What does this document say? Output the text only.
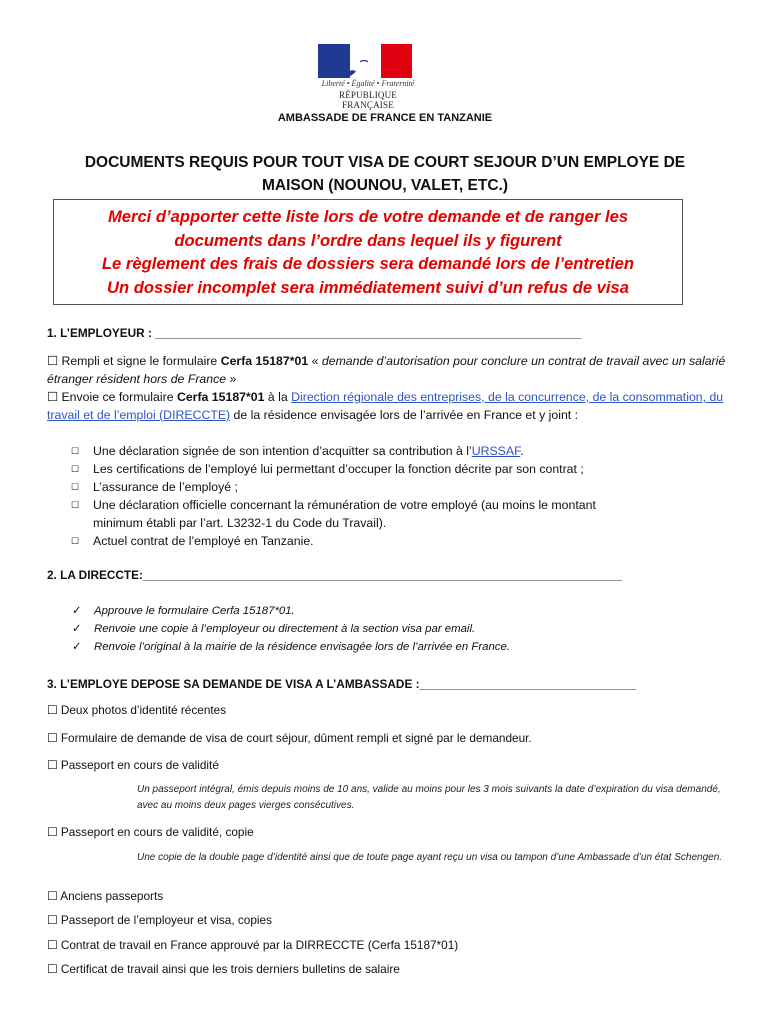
Liberté • Égalité • Fraternité
RÉPUBLIQUE FRANÇAISE
AMBASSADE DE FRANCE EN TANZANIE
DOCUMENTS REQUIS POUR TOUT VISA DE COURT SEJOUR D’UN EMPLOYE DE
MAISON (NOUNOU, VALET, ETC.)
Merci d’apporter cette liste lors de votre demande et de ranger les
documents dans l’ordre dans lequel ils y figurent
Le règlement des frais de dossiers sera demandé lors de l’entretien
Un dossier incomplet sera immédiatement suivi d’un refus de visa
1. L’EMPLOYEUR : _________________________________________________________________
☐ Rempli et signe le formulaire Cerfa 15187*01 « demande d’autorisation pour conclure un contrat de travail avec un salarié étranger résident hors de France »
☐ Envoie ce formulaire Cerfa 15187*01 à la Direction régionale des entreprises, de la concurrence, de la consommation, du travail et de l’emploi (DIRECCTE) de la résidence envisagée lors de l’arrivée en France et y joint :
☐ Une déclaration signée de son intention d’acquitter sa contribution à l’URSSAF.
☐ Les certifications de l’employé lui permettant d’occuper la fonction décrite par son contrat ;
☐ L’assurance de l’employé ;
☐ Une déclaration officielle concernant la rémunération de votre employé (au moins le montant
minimum établi par l’art. L3232-1 du Code du Travail).
☐ Actuel contrat de l’employé en Tanzanie.
2. LA DIRECCTE:_________________________________________________________________________
✓ Approuve le formulaire Cerfa 15187*01.
✓ Renvoie une copie à l’employeur ou directement à la section visa par email.
✓ Renvoie l’original à la mairie de la résidence envisagée lors de l’arrivée en France.
3. L’EMPLOYE DEPOSE SA DEMANDE DE VISA A L’AMBASSADE :_________________________________
☐ Deux photos d’identité récentes
☐ Formulaire de demande de visa de court séjour, dûment rempli et signé par le demandeur.
☐ Passeport en cours de validité
Un passeport intégral, émis depuis moins de 10 ans, valide au moins pour les 3 mois suivants la date d’expiration du visa demandé, avec au moins deux pages vierges consécutives.
☐ Passeport en cours de validité, copie
Une copie de la double page d’identité ainsi que de toute page ayant reçu un visa ou tampon d’une Ambassade d’un état Schengen.
☐ Anciens passeports
☐ Passeport de l’employeur et visa, copies
☐ Contrat de travail en France approuvé par la DIRRECCTE (Cerfa 15187*01)
☐ Certificat de travail ainsi que les trois derniers bulletins de salaire
